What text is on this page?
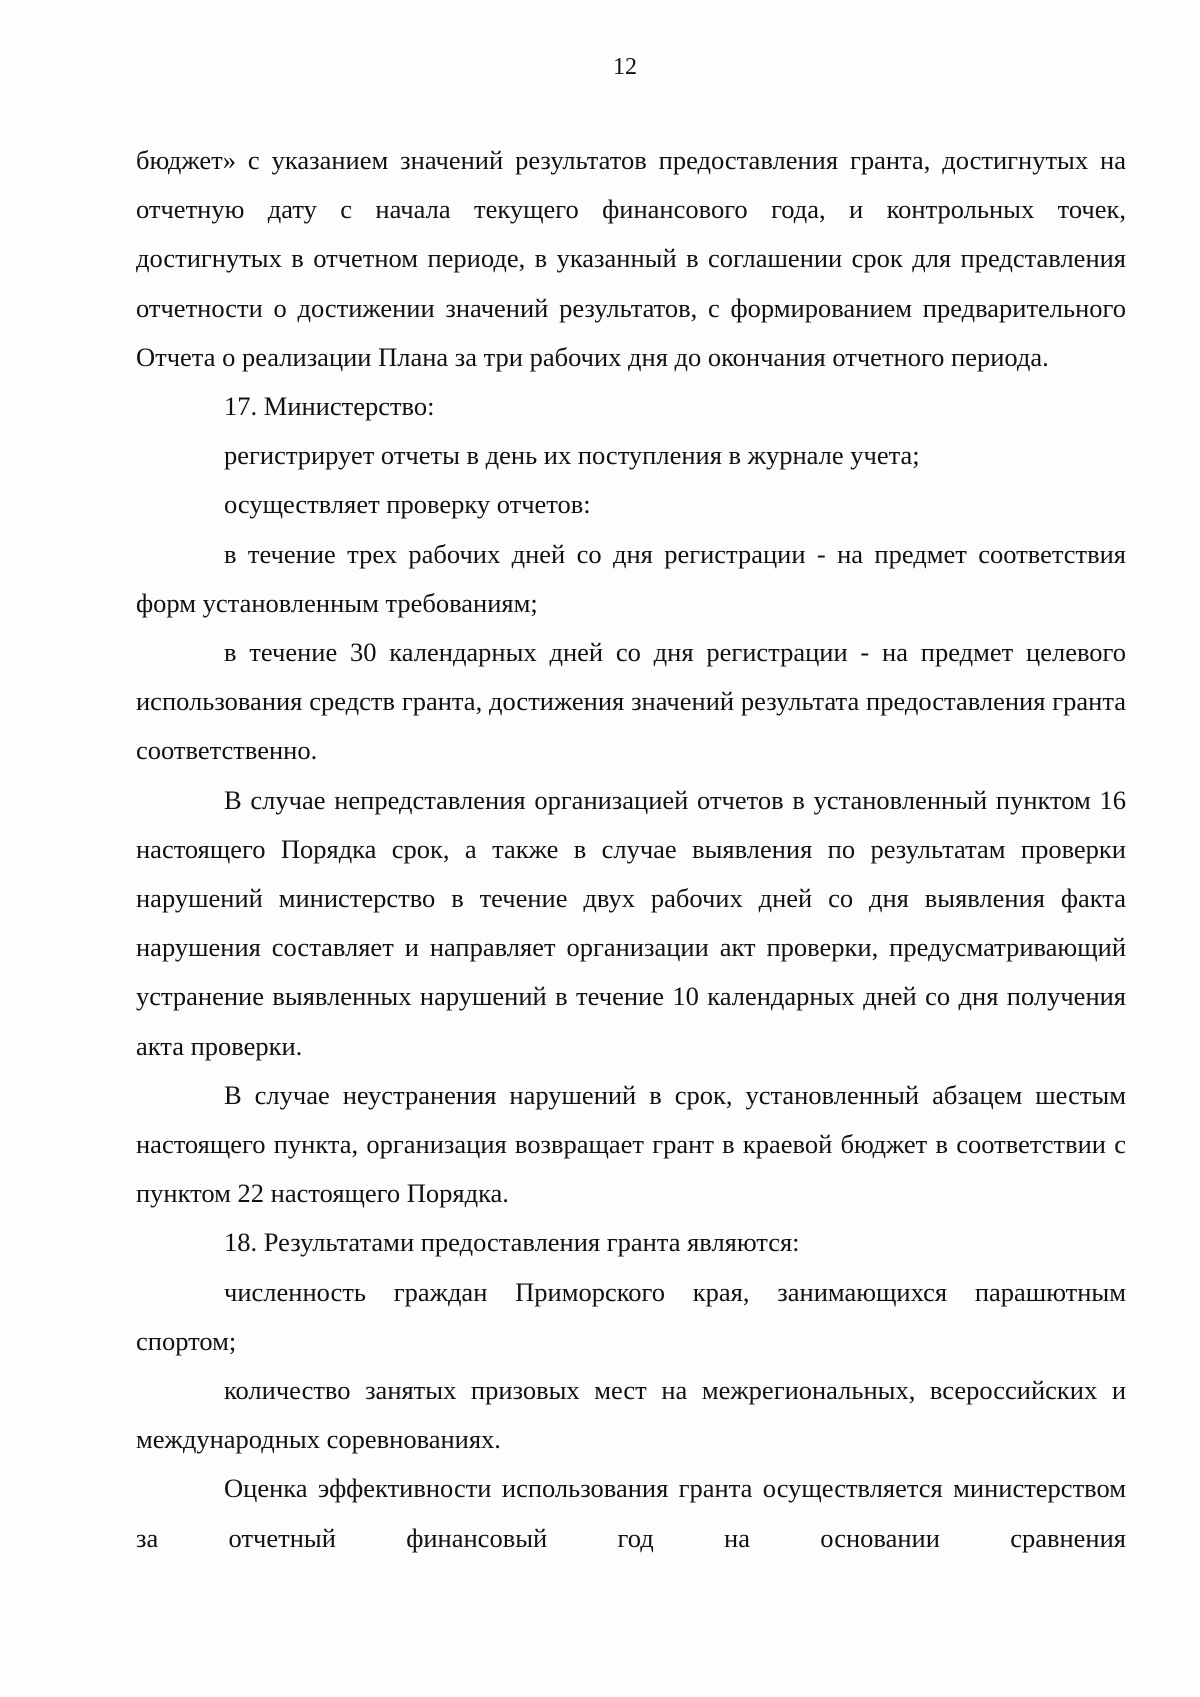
12

бюджет» с указанием значений результатов предоставления гранта, достигнутых на отчетную дату с начала текущего финансового года, и контрольных точек, достигнутых в отчетном периоде, в указанный в соглашении срок для представления отчетности о достижении значений результатов, с формированием предварительного Отчета о реализации Плана за три рабочих дня до окончания отчетного периода.

17. Министерство:

регистрирует отчеты в день их поступления в журнале учета;

осуществляет проверку отчетов:

в течение трех рабочих дней со дня регистрации - на предмет соответствия форм установленным требованиям;

в течение 30 календарных дней со дня регистрации - на предмет целевого использования средств гранта, достижения значений результата предоставления гранта соответственно.

В случае непредставления организацией отчетов в установленный пунктом 16 настоящего Порядка срок, а также в случае выявления по результатам проверки нарушений министерство в течение двух рабочих дней со дня выявления факта нарушения составляет и направляет организации акт проверки, предусматривающий устранение выявленных нарушений в течение 10 календарных дней со дня получения акта проверки.

В случае неустранения нарушений в срок, установленный абзацем шестым настоящего пункта, организация возвращает грант в краевой бюджет в соответствии с пунктом 22 настоящего Порядка.

18. Результатами предоставления гранта являются:

численность граждан Приморского края, занимающихся парашютным спортом;

количество занятых призовых мест на межрегиональных, всероссийских и международных соревнованиях.

Оценка эффективности использования гранта осуществляется министерством за отчетный финансовый год на основании сравнения
